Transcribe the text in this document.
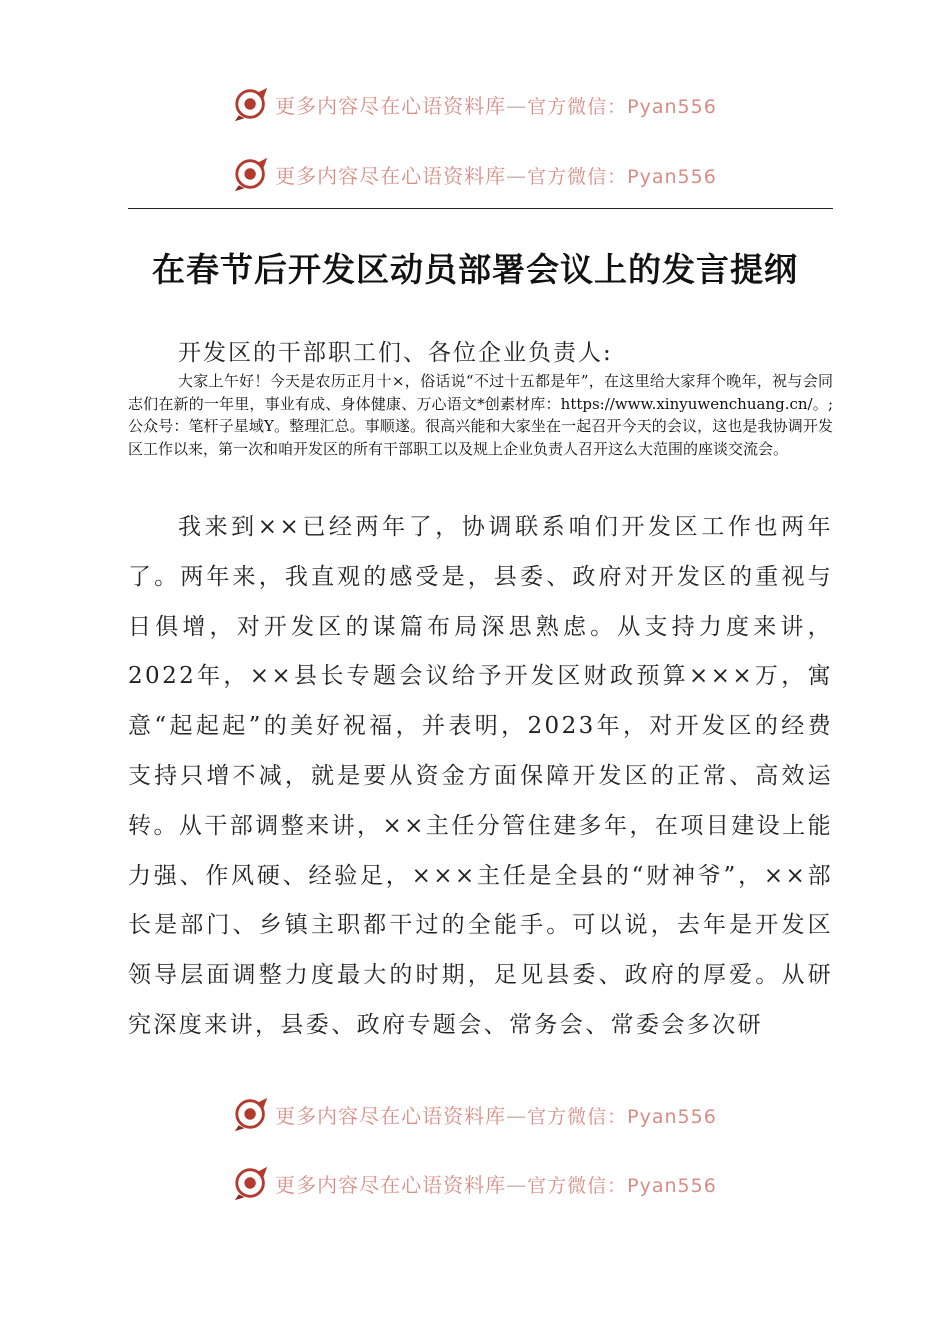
更多内容尽在心语资料库—官方微信：Pyan556
更多内容尽在心语资料库—官方微信：Pyan556
在春节后开发区动员部署会议上的发言提纲
开发区的干部职工们、各位企业负责人:
大家上午好！今天是农历正月十×，俗话说“不过十五都是年”，在这里给大家拜个晚年，祝与会同志们在新的一年里，事业有成、身体健康、万心语文*创素材库：https://www.xinyuwenchuang.cn/。;公众号：笔杆子星域Y。整理汇总。事顺遂。很高兴能和大家坐在一起召开今天的会议，这也是我协调开发区工作以来，第一次和咱开发区的所有干部职工以及规上企业负责人召开这么大范围的座谈交流会。
我来到××已经两年了，协调联系咱们开发区工作也两年了。两年来，我直观的感受是，县委、政府对开发区的重视与日俱增，对开发区的谋篇布局深思熟虑。从支持力度来讲，2022年，××县长专题会议给予开发区财政预算×××万，寓意“起起起”的美好祝福，并表明，2023年，对开发区的经费支持只增不减，就是要从资金方面保障开发区的正常、高效运转。从干部调整来讲，××主任分管住建多年，在项目建设上能力强、作风硬、经验足，×××主任是全县的“财神爷”，××部长是部门、乡镇主职都干过的全能手。可以说，去年是开发区领导层面调整力度最大的时期，足见县委、政府的厚爱。从研究深度来讲，县委、政府专题会、常务会、常委会多次研
更多内容尽在心语资料库—官方微信：Pyan556
更多内容尽在心语资料库—官方微信：Pyan556
